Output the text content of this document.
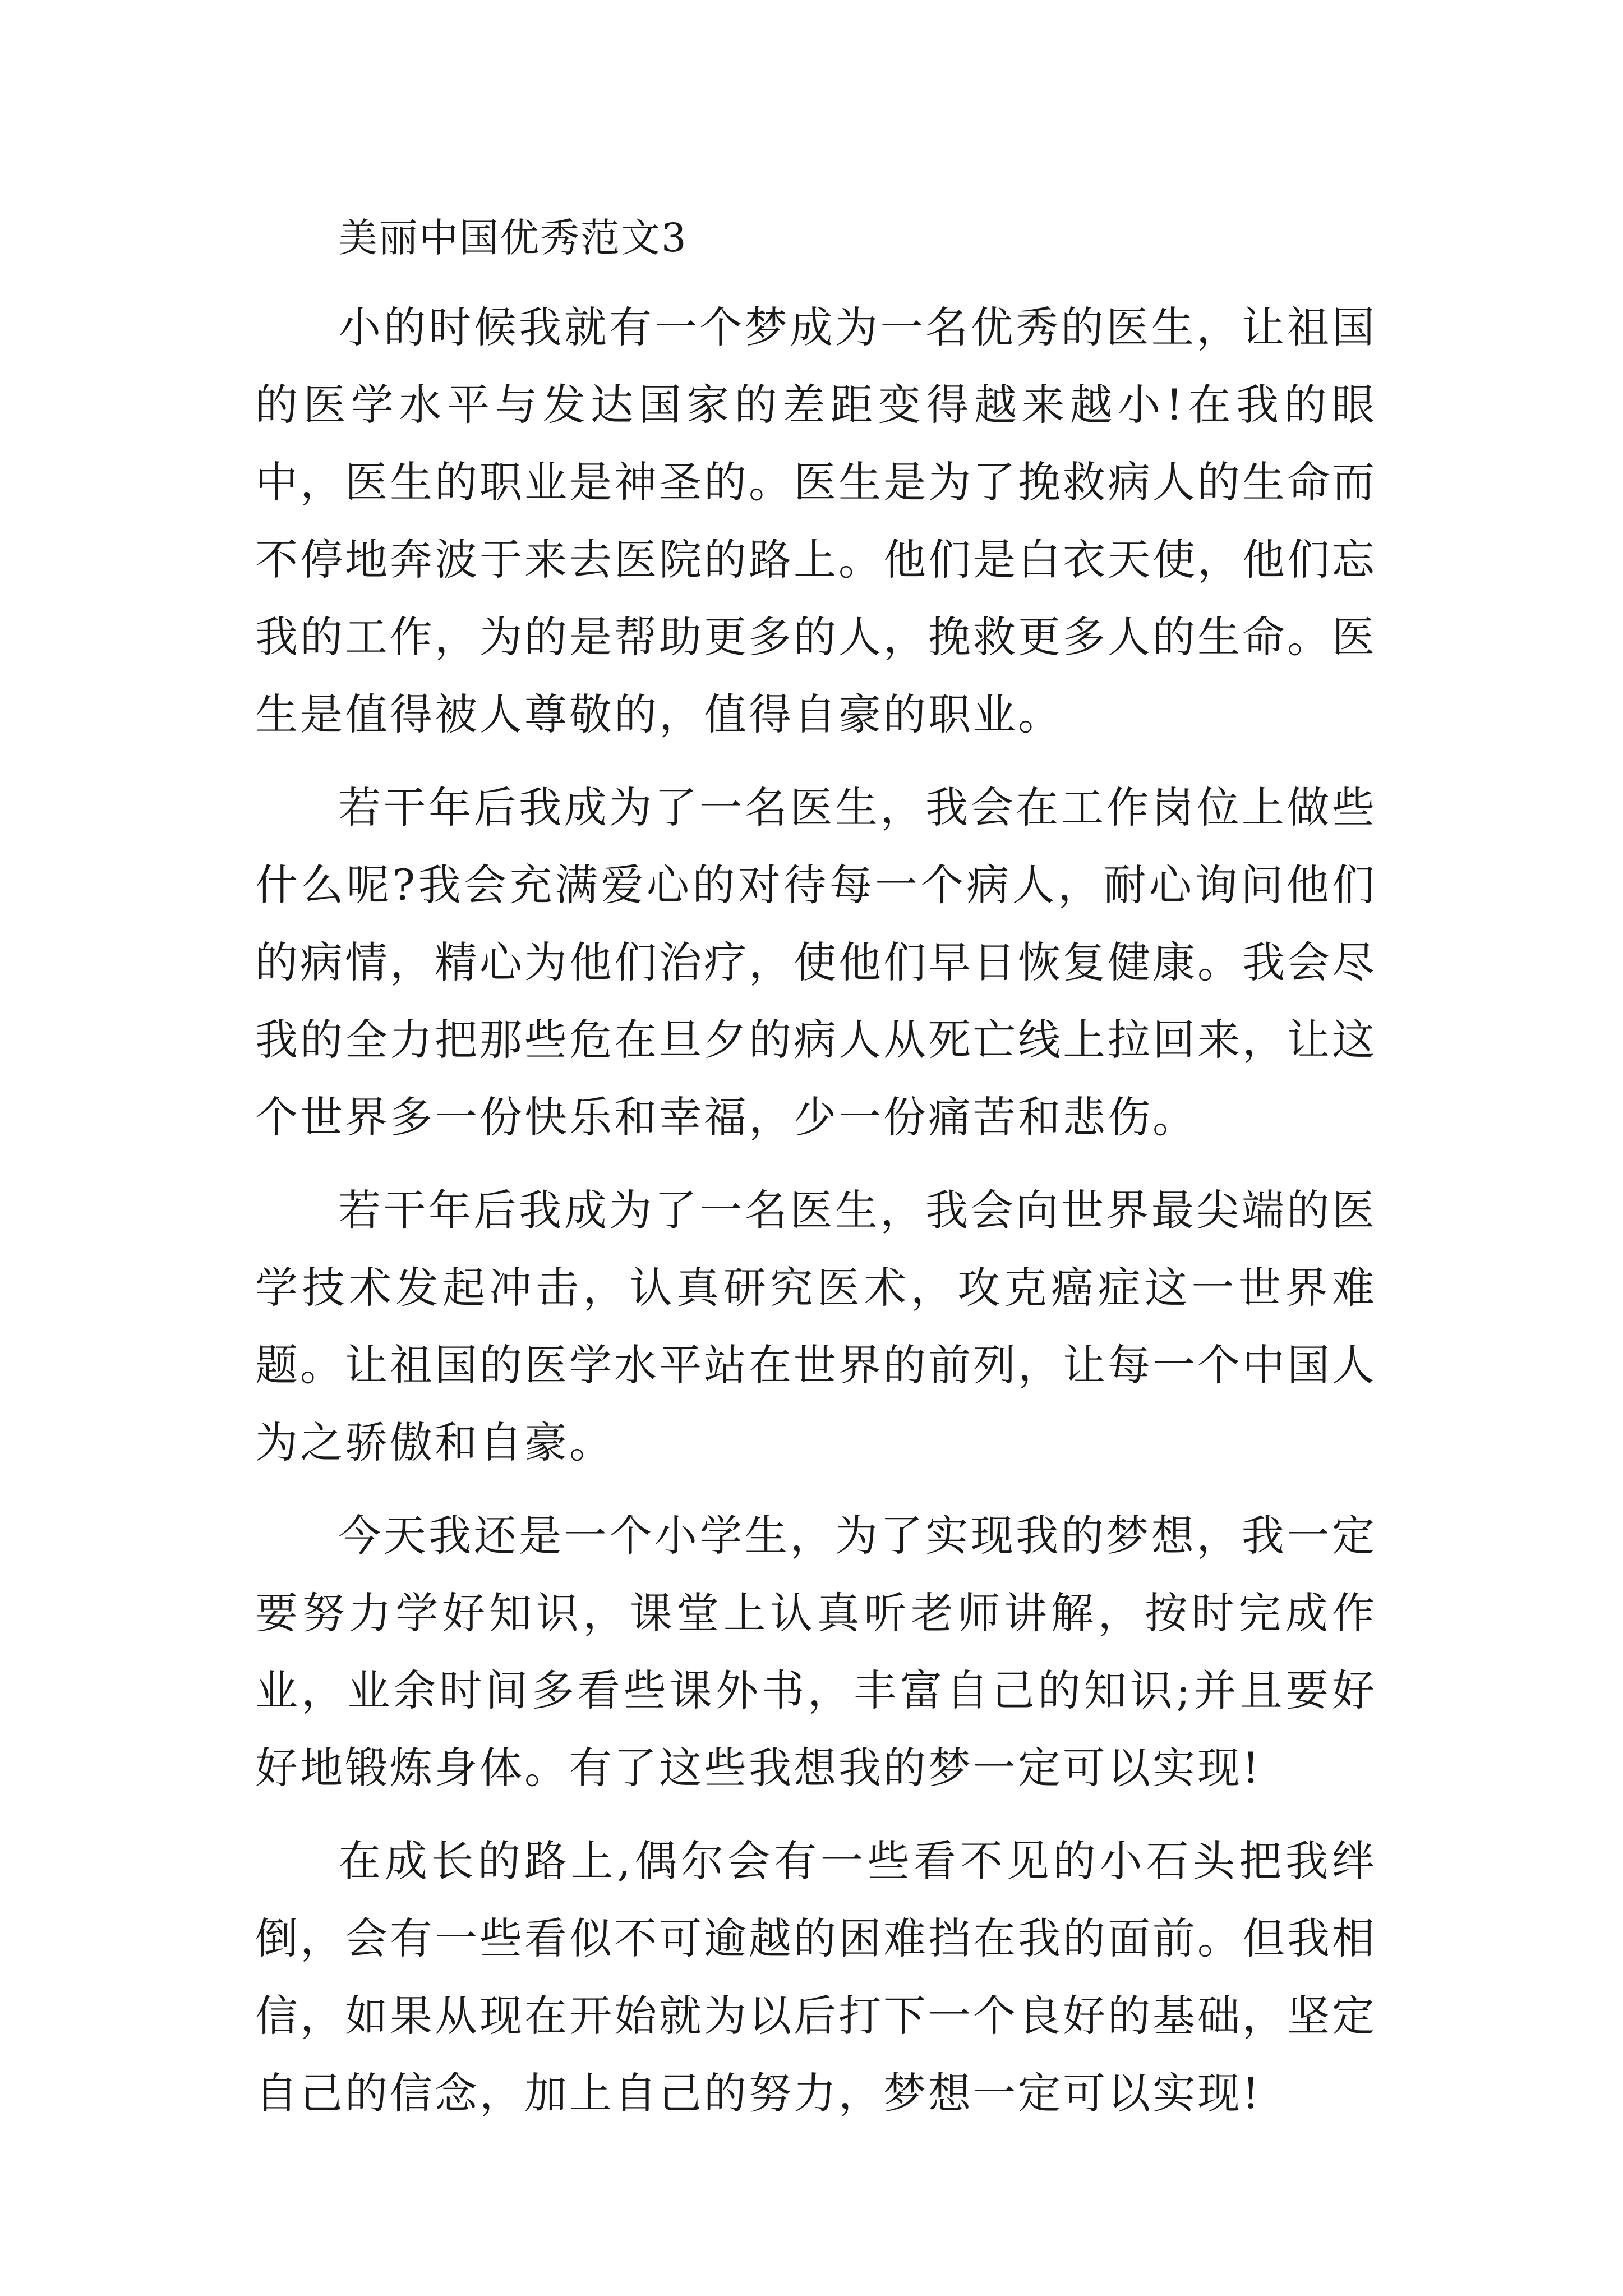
美丽中国优秀范文3

小的时候我就有一个梦成为一名优秀的医生，让祖国的医学水平与发达国家的差距变得越来越小!在我的眼中，医生的职业是神圣的。医生是为了挽救病人的生命而不停地奔波于来去医院的路上。他们是白衣天使，他们忘我的工作，为的是帮助更多的人，挽救更多人的生命。医生是值得被人尊敬的，值得自豪的职业。

若干年后我成为了一名医生，我会在工作岗位上做些什么呢?我会充满爱心的对待每一个病人，耐心询问他们的病情，精心为他们治疗，使他们早日恢复健康。我会尽我的全力把那些危在旦夕的病人从死亡线上拉回来，让这个世界多一份快乐和幸福，少一份痛苦和悲伤。

若干年后我成为了一名医生，我会向世界最尖端的医学技术发起冲击，认真研究医术，攻克癌症这一世界难题。让祖国的医学水平站在世界的前列，让每一个中国人为之骄傲和自豪。

今天我还是一个小学生，为了实现我的梦想，我一定要努力学好知识，课堂上认真听老师讲解，按时完成作业，业余时间多看些课外书，丰富自己的知识;并且要好好地锻炼身体。有了这些我想我的梦一定可以实现!

在成长的路上,偶尔会有一些看不见的小石头把我绊倒，会有一些看似不可逾越的困难挡在我的面前。但我相信，如果从现在开始就为以后打下一个良好的基础，坚定自己的信念，加上自己的努力，梦想一定可以实现!
